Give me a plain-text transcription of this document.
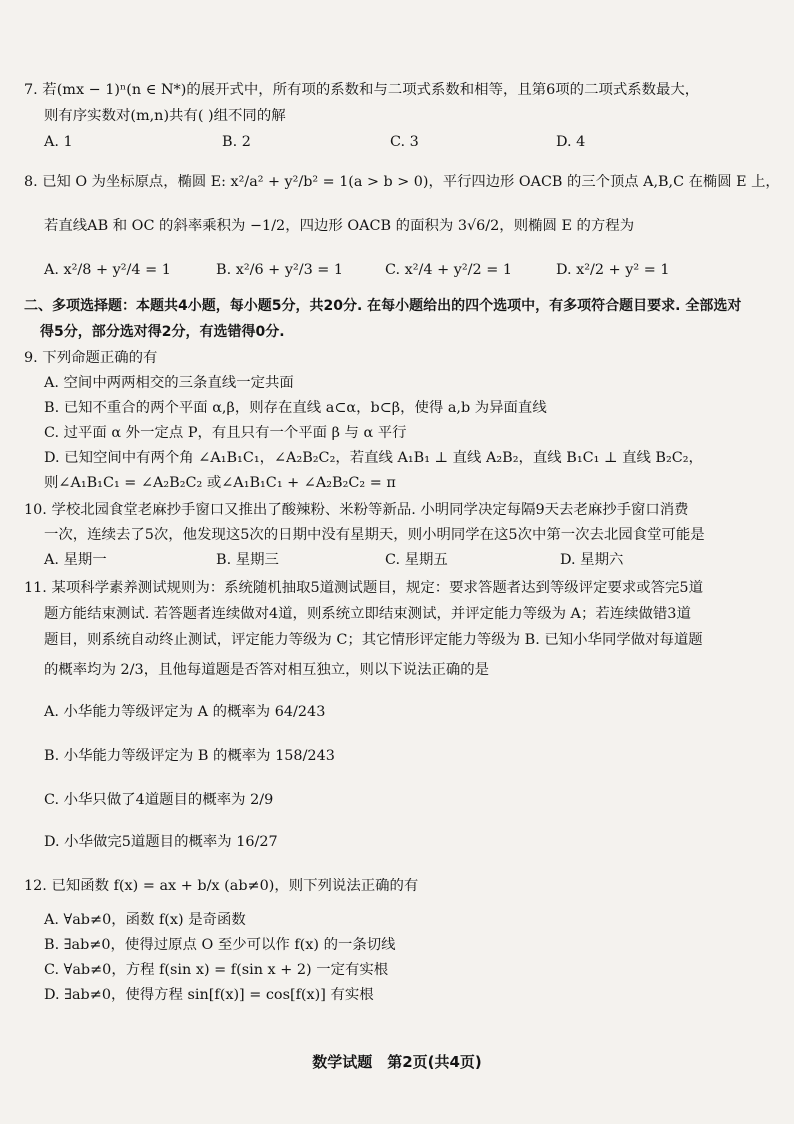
7. 若(mx − 1)ⁿ(n ∈ N*)的展开式中，所有项的系数和与二项式系数和相等，且第6项的二项式系数最大，
则有序实数对(m,n)共有( )组不同的解
A. 1	B. 2	C. 3	D. 4
8. 已知 O 为坐标原点，椭圆 E: x²/a² + y²/b² = 1(a > b > 0)，平行四边形 OACB 的三个顶点 A,B,C 在椭圆 E 上，
若直线AB 和 OC 的斜率乘积为 −1/2，四边形 OACB 的面积为 3√6/2，则椭圆 E 的方程为
A. x²/8 + y²/4 = 1	B. x²/6 + y²/3 = 1	C. x²/4 + y²/2 = 1	D. x²/2 + y² = 1
二、多项选择题：本题共4小题，每小题5分，共20分. 在每小题给出的四个选项中，有多项符合题目要求. 全部选对
得5分，部分选对得2分，有选错得0分.
9. 下列命题正确的有
A. 空间中两两相交的三条直线一定共面
B. 已知不重合的两个平面 α,β，则存在直线 a⊂α，b⊂β，使得 a,b 为异面直线
C. 过平面 α 外一定点 P，有且只有一个平面 β 与 α 平行
D. 已知空间中有两个角 ∠A₁B₁C₁，∠A₂B₂C₂，若直线 A₁B₁ ⊥ 直线 A₂B₂，直线 B₁C₁ ⊥ 直线 B₂C₂，
则∠A₁B₁C₁ = ∠A₂B₂C₂ 或∠A₁B₁C₁ + ∠A₂B₂C₂ = π
10. 学校北园食堂老麻抄手窗口又推出了酸辣粉、米粉等新品. 小明同学决定每隔9天去老麻抄手窗口消费
一次，连续去了5次，他发现这5次的日期中没有星期天，则小明同学在这5次中第一次去北园食堂可能是
A. 星期一	B. 星期三	C. 星期五	D. 星期六
11. 某项科学素养测试规则为：系统随机抽取5道测试题目，规定：要求答题者达到等级评定要求或答完5道
题方能结束测试. 若答题者连续做对4道，则系统立即结束测试，并评定能力等级为 A；若连续做错3道
题目，则系统自动终止测试，评定能力等级为 C；其它情形评定能力等级为 B. 已知小华同学做对每道题
的概率均为 2/3，且他每道题是否答对相互独立，则以下说法正确的是
A. 小华能力等级评定为 A 的概率为 64/243
B. 小华能力等级评定为 B 的概率为 158/243
C. 小华只做了4道题目的概率为 2/9
D. 小华做完5道题目的概率为 16/27
12. 已知函数 f(x) = ax + b/x (ab≠0)，则下列说法正确的有
A. ∀ab≠0，函数 f(x) 是奇函数
B. ∃ab≠0，使得过原点 O 至少可以作 f(x) 的一条切线
C. ∀ab≠0，方程 f(sin x) = f(sin x + 2) 一定有实根
D. ∃ab≠0，使得方程 sin[f(x)] = cos[f(x)] 有实根
数学试题　第2页(共4页)
